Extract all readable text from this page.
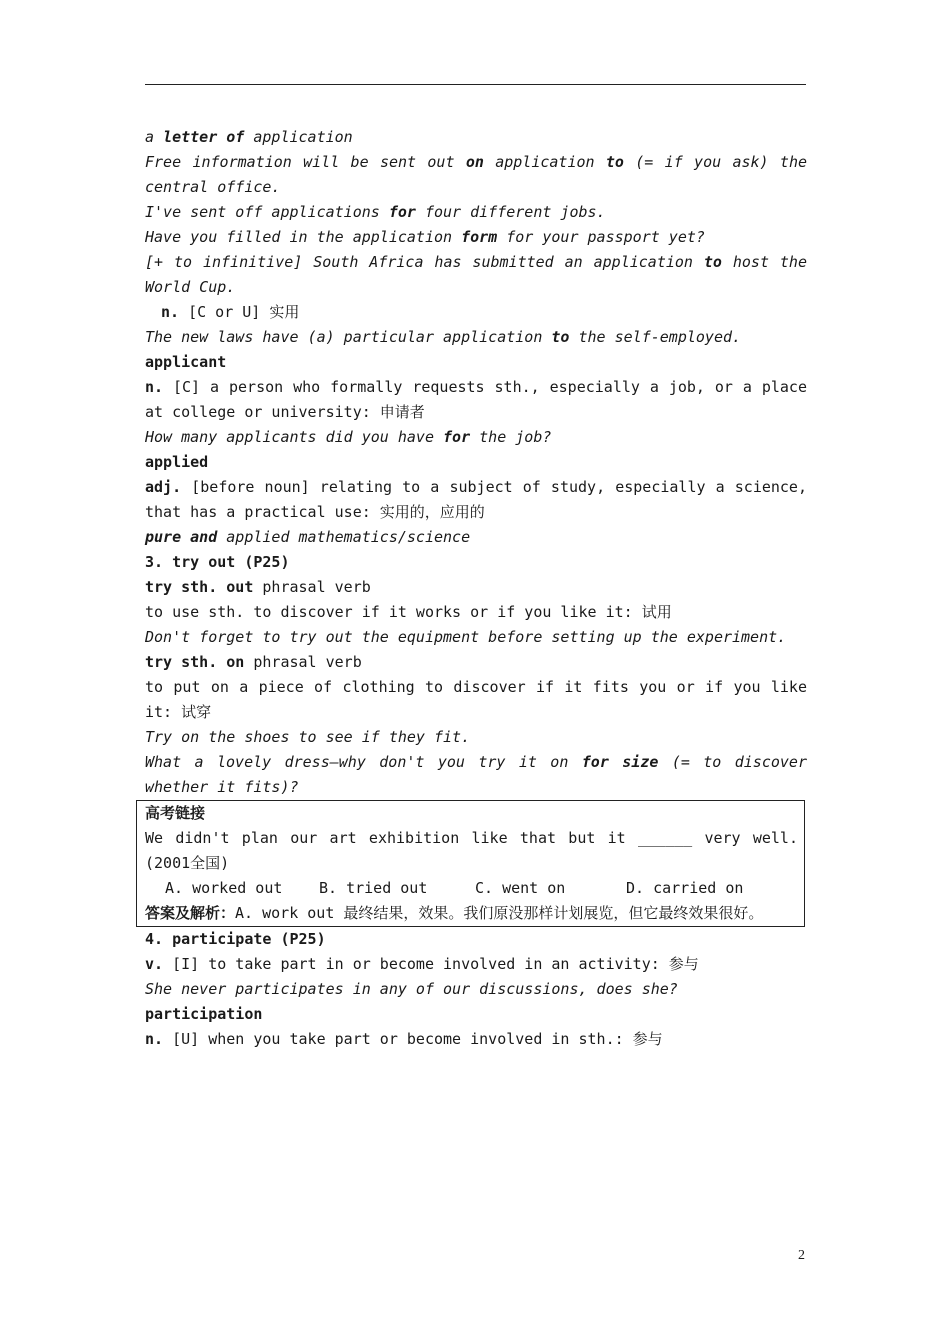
a letter of application
Free information will be sent out on application to (= if you ask) the central office.
I've sent off applications for four different jobs.
Have you filled in the application form for your passport yet?
[+ to infinitive] South Africa has submitted an application to host the World Cup.
n. [C or U] 实用
The new laws have (a) particular application to the self-employed.
applicant
n. [C] a person who formally requests sth., especially a job, or a place at college or university: 申请者
How many applicants did you have for the job?
applied
adj. [before noun] relating to a subject of study, especially a science, that has a practical use: 实用的，应用的
pure and applied mathematics/science
3. try out (P25)
try sth. out phrasal verb
to use sth. to discover if it works or if you like it: 试用
Don't forget to try out the equipment before setting up the experiment.
try sth. on phrasal verb
to put on a piece of clothing to discover if it fits you or if you like it: 试穿
Try on the shoes to see if they fit.
What a lovely dress—why don't you try it on for size (= to discover whether it fits)?
高考链接
We didn't plan our art exhibition like that but it ______ very well. (2001全国)
A. worked out B. tried out	C. went on	D. carried on
答案及解析：A. work out 最终结果，效果。我们原没那样计划展览，但它最终效果很好。
4. participate (P25)
v. [I] to take part in or become involved in an activity: 参与
She never participates in any of our discussions, does she?
participation
n. [U] when you take part or become involved in sth.: 参与
2
